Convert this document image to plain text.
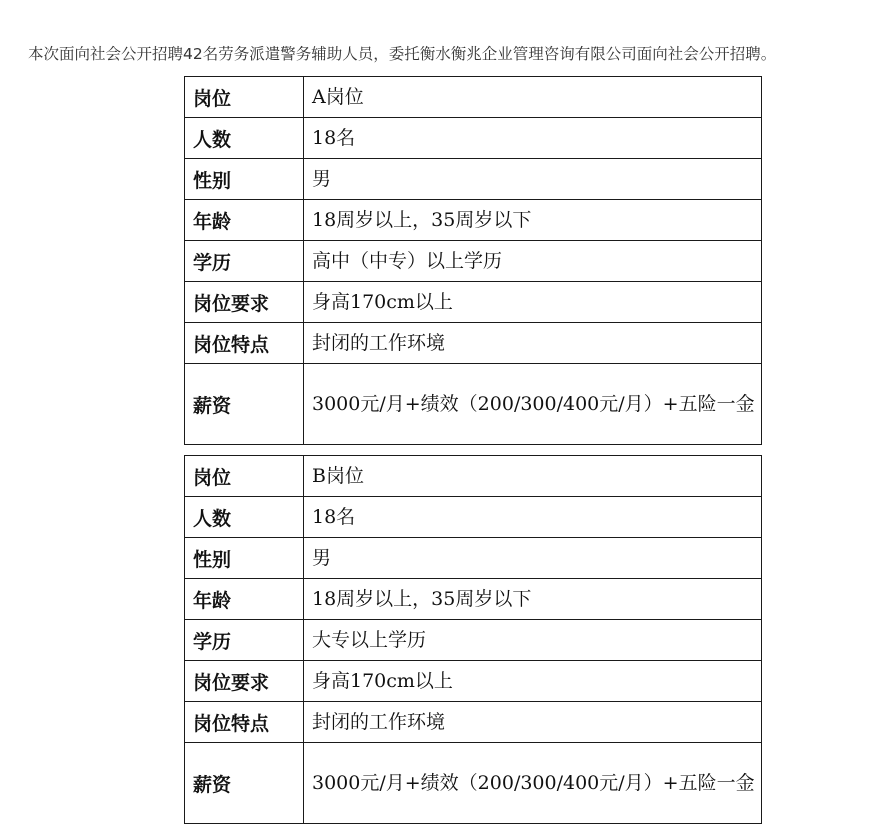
本次面向社会公开招聘42名劳务派遣警务辅助人员，委托衡水衡兆企业管理咨询有限公司面向社会公开招聘。

岗位	A岗位
人数	18名
性别	男
年龄	18周岁以上，35周岁以下
学历	高中（中专）以上学历
岗位要求	身高170cm以上
岗位特点	封闭的工作环境
薪资	3000元/月+绩效（200/300/400元/月）+五险一金
岗位	B岗位
人数	18名
性别	男
年龄	18周岁以上，35周岁以下
学历	大专以上学历
岗位要求	身高170cm以上
岗位特点	封闭的工作环境
薪资	3000元/月+绩效（200/300/400元/月）+五险一金
